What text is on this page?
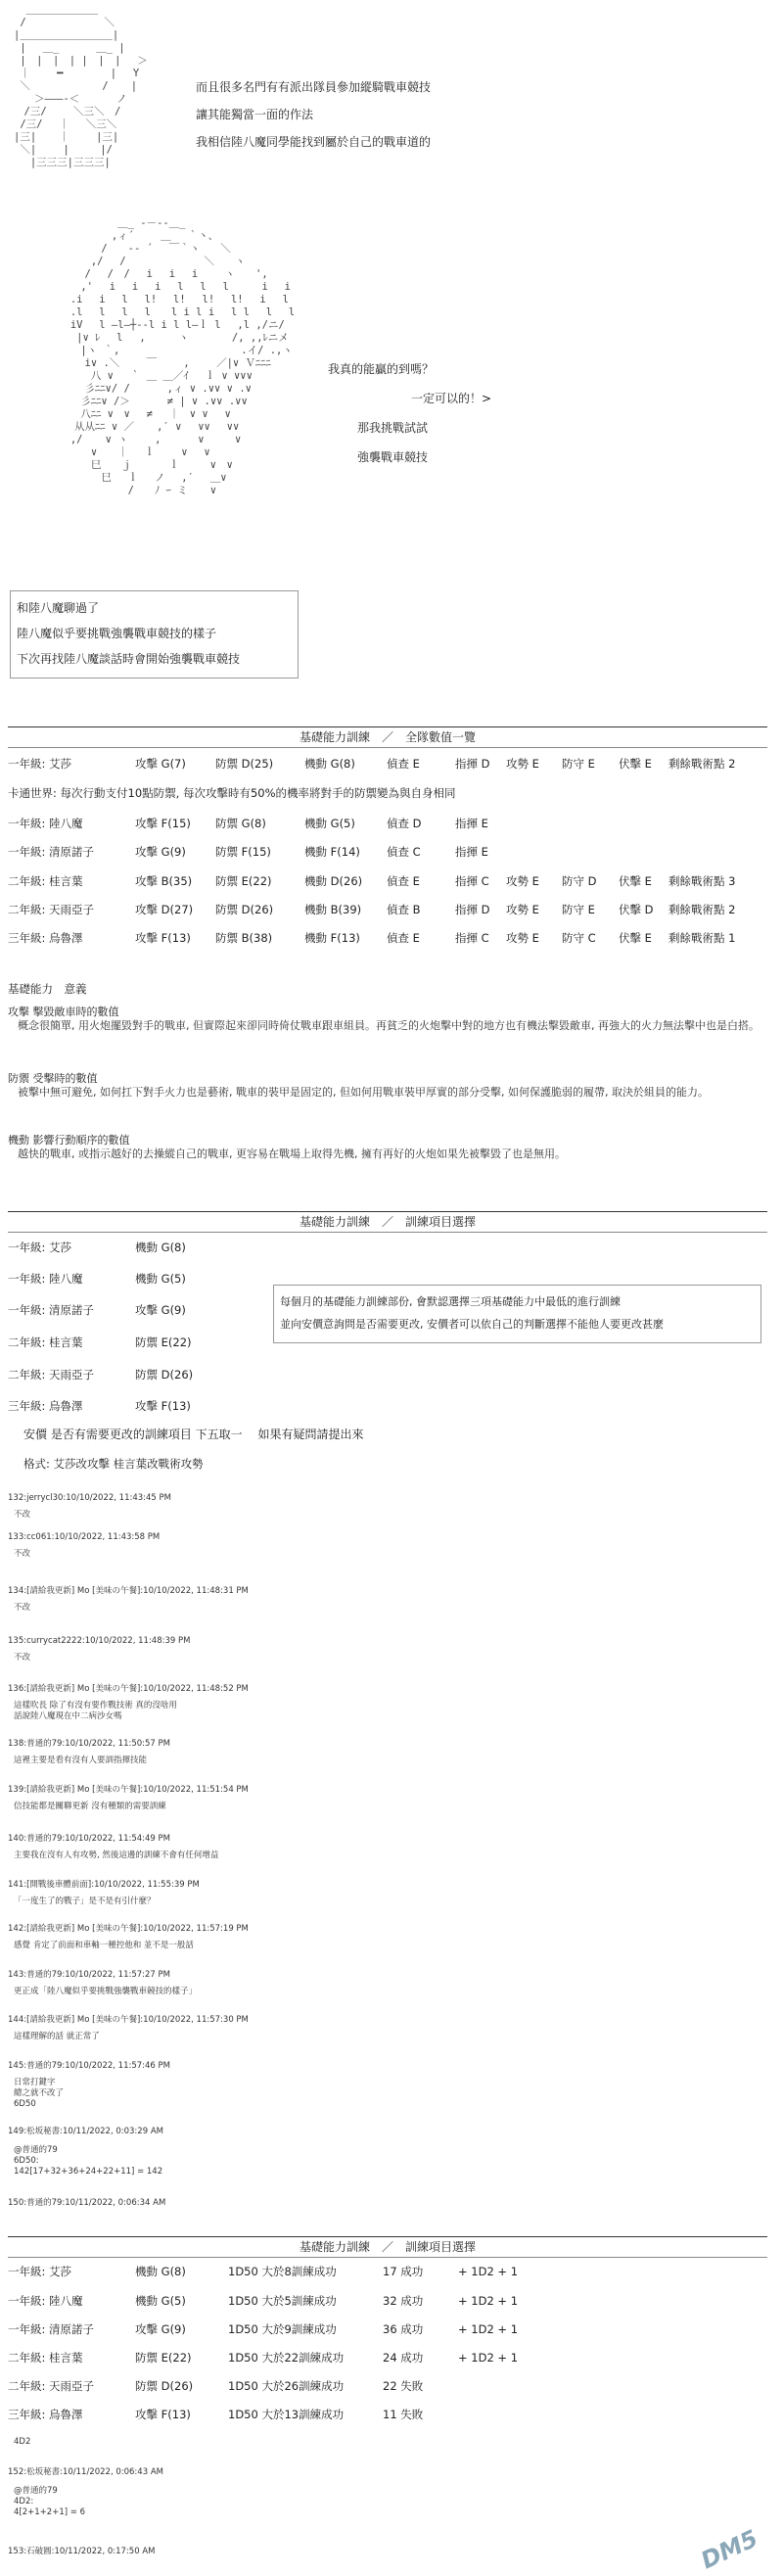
＿＿＿＿＿＿＿
/　　　　　　　 ＼
|＿＿＿＿＿＿＿＿＿|
|　 ＿_　　　 ＿_ |
|　|　|　| |　|　|　 ＞
｜　　 ━　　 　　|　 Y
＼　　　　　　　/ 　 |
　　＞―――‐＜　　　 ノ
　/三/　　 ＼三＼　/
/三/　 ｜　 ＼三＼
|三| 　 ｜　　 |三|
＼|　　 |　　　|/
　 |三三三|三三三|
而且很多名門有有派出隊員參加縱騎戰車競技
讓其能獨當一面的作法
我相信陸八魔同學能找到屬於自己的戰車道的
　　　　 　 ＿_ -－‐-＿_
　　　　　 ,ィ´　　 ＿　 ｀丶、
　　　　 /　　-‐ ´ 　￣｀ヽ　　＼
　　　 ,/　 /　　　　　　　 ＼　　ヽ
　　　/　 /　/　 i　 i　 i　　 ヽ　　',
　　 ,'　 i　 i　 i　 l　 l　 l　 　 i　 i
　 .i　 i　 l　 l!　 l!　 l!　 l!　 i　 l
　 .l　 l 　l 　l　　l i l i　 l l　 l　 l
　 iV　 l ―l―┼-‐l i l l―ｌ l　 ,l ,/ニ/
　 |∨ ﾚ　 l　 ,　 　 ヽ　 　　 /, ,,ﾚニメ
　　 |ヽ ｀,　　　 　　　　　　 　 .イ/ .,ヽ
　　　i∨ .＼　　 ￣　　 ,　　 ／|∨ Ｖﾆﾆﾆ
　 　　八 ∨　 ｀ ＿ ＿／ｲ　 ｌ ∨ ∨∨∨
　　　彡ﾆﾆ∨/ /　　　 ,ィ ∨ .∨∨ ∨ .∨
　　 彡ﾆﾆ∨ /＞　　　 ≠ | ∨ .∨∨ .∨∨
　　 八ﾆﾆ ∨　∨　 ≠ 　｜　∨ ∨　 ∨
　　从从ﾆﾆ ∨ ／ 　 ,′ ∨ 　∨∨ 　∨∨
　 ,/ 　 ∨ ヽ　　 ,　　　 ∨　　　∨
　　　 ∨　　｜　 ｌ　　 ∨　 ∨
　　　 巳　　ｊ　　　 ｌ　　　∨　∨
　　　　 巳　 ｌ　 ノ　 ,′　 ＿∨
　　　　 　　 /　　ﾉ ｰ ミ 　 ∨
我真的能贏的到嗎？
一定可以的！>
那我挑戰試試
強襲戰車競技
和陸八魔聊過了
陸八魔似乎要挑戰強襲戰車競技的樣子
下次再找陸八魔談話時會開始強襲戰車競技
基礎能力訓練　／　全隊數值一覽
一年級: 艾莎	攻擊 G(7)	防禦 D(25)	機動 G(8)	偵查 E	指揮 D 攻勢 E 防守 E 伏擊 E 剩餘戰術點 2
卡通世界: 每次行動支付10點防禦, 每次攻擊時有50%的機率將對手的防禦變為與自身相同
一年級: 陸八魔	攻擊 F(15) 防禦 G(8)	機動 G(5)	偵查 D	指揮 E
一年級: 清原諾子	攻擊 G(9)	防禦 F(15)	機動 F(14) 偵查 C	指揮 E
二年級: 桂言葉	攻擊 B(35) 防禦 E(22)	機動 D(26) 偵查 E	指揮 C 攻勢 E 防守 D 伏擊 E 剩餘戰術點 3
二年級: 天雨亞子	攻擊 D(27) 防禦 D(26)	機動 B(39) 偵查 B	指揮 D 攻勢 E 防守 E 伏擊 D 剩餘戰術點 2
三年級: 烏魯澤	攻擊 F(13) 防禦 B(38)	機動 F(13) 偵查 E	指揮 C 攻勢 E 防守 C 伏擊 E 剩餘戰術點 1
基礎能力　意義
攻擊 擊毀敵車時的數值
概念很簡單, 用火炮擺毀對手的戰車, 但實際起來卻同時倚仗戰車跟車組員。再貧乏的火炮擊中對的地方也有機法擊毀敵車, 再強大的火力無法擊中也是白搭。
防禦 受擊時的數值
被擊中無可避免, 如何扛下對手火力也是藝術, 戰車的裝甲是固定的, 但如何用戰車裝甲厚實的部分受擊, 如何保護脆弱的履帶, 取決於組員的能力。
機動 影響行動順序的數值
越快的戰車, 或指示越好的去操縱自己的戰車, 更容易在戰場上取得先機, 擁有再好的火炮如果先被擊毀了也是無用。
基礎能力訓練　／　訓練項目選擇
一年級: 艾莎	機動 G(8)
一年級: 陸八魔	機動 G(5)
一年級: 清原諾子	攻擊 G(9)
二年級: 桂言葉	防禦 E(22)
二年級: 天雨亞子	防禦 D(26)
三年級: 烏魯澤	攻擊 F(13)
每個月的基礎能力訓練部份, 會默認選擇三項基礎能力中最低的進行訓練
並向安價意詢問是否需要更改, 安價者可以依自己的判斷選擇不能他人要更改甚麼
安價 是否有需要更改的訓練項目 下五取一　 如果有疑問請提出來
格式: 艾莎改攻擊 桂言葉改戰術攻勢
132:jerrycl30:10/10/2022, 11:43:45 PM
不改
133:cc061:10/10/2022, 11:43:58 PM
不改
134:[請給我更新] Mo [美味の午餐]:10/10/2022, 11:48:31 PM
不改
135:currycat2222:10/10/2022, 11:48:39 PM
不改
136:[請給我更新] Mo [美味の午餐]:10/10/2022, 11:48:52 PM
這樣吹長 除了有沒有要作戰技術 真的沒啥用
話說陸八魔現在中二病沙女嗎
138:普通的79:10/10/2022, 11:50:57 PM
這裡主要是看有沒有人要訓指揮技能
139:[請給我更新] Mo [美味の午餐]:10/10/2022, 11:51:54 PM
信技能都是關聯更新 沒有種類的需要訓練
140:普通的79:10/10/2022, 11:54:49 PM
主要我在沒有人有攻勢, 然後這邊的訓練不會有任何增益
141:[開戰後車體前面]:10/10/2022, 11:55:39 PM
「一度生了的戰子」是不是有引什麼？
142:[請給我更新] Mo [美味の午餐]:10/10/2022, 11:57:19 PM
感覺 肯定了前面和車軸一種控他和 並不是一般話
143:普通的79:10/10/2022, 11:57:27 PM
更正成「陸八魔似乎要挑戰強襲戰車競技的樣子」
144:[請給我更新] Mo [美味の午餐]:10/10/2022, 11:57:30 PM
這樣理解的話 就正常了
145:普通的79:10/10/2022, 11:57:46 PM
日常打鍵字
總之就不改了
6D50
149:松坂秘書:10/11/2022, 0:03:29 AM
@普通的79
6D50:
142[17+32+36+24+22+11] = 142
150:普通的79:10/11/2022, 0:06:34 AM
基礎能力訓練　／　訓練項目選擇
一年級: 艾莎	機動 G(8)	1D50 大於8訓練成功	17 成功	+ 1D2 + 1
一年級: 陸八魔	機動 G(5)	1D50 大於5訓練成功	32 成功	+ 1D2 + 1
一年級: 清原諾子	攻擊 G(9)	1D50 大於9訓練成功	36 成功	+ 1D2 + 1
二年級: 桂言葉	防禦 E(22)	1D50 大於22訓練成功	24 成功	+ 1D2 + 1
二年級: 天雨亞子	防禦 D(26)	1D50 大於26訓練成功	22 失敗
三年級: 烏魯澤	攻擊 F(13)	1D50 大於13訓練成功	11 失敗
4D2
152:松坂秘書:10/11/2022, 0:06:43 AM
@普通的79
4D2:
4[2+1+2+1] = 6
153:石破圓:10/11/2022, 0:17:50 AM	DM5
